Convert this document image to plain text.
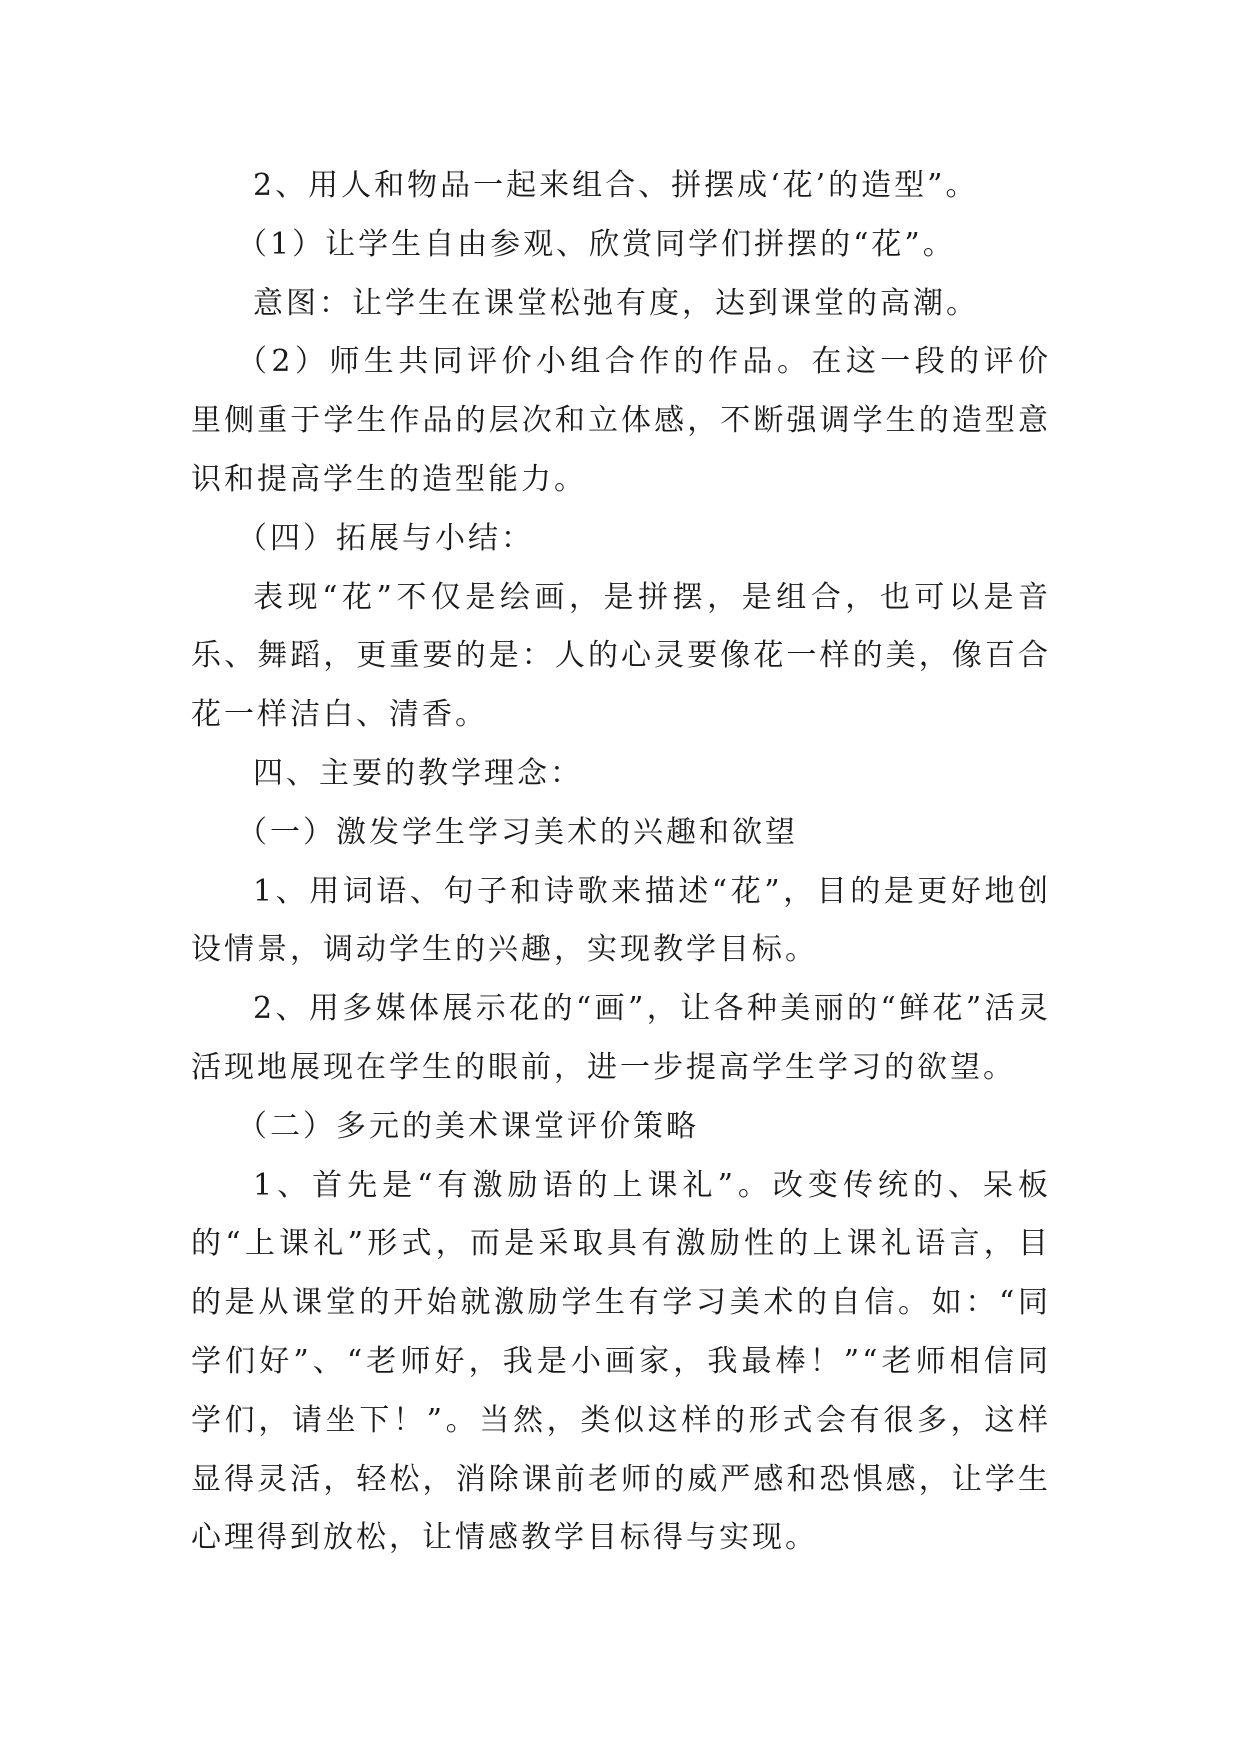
2、用人和物品一起来组合、拼摆成‘花’的造型”。

（1）让学生自由参观、欣赏同学们拼摆的“花”。

意图：让学生在课堂松弛有度，达到课堂的高潮。

（2）师生共同评价小组合作的作品。在这一段的评价里侧重于学生作品的层次和立体感，不断强调学生的造型意识和提高学生的造型能力。

（四）拓展与小结：

表现“花”不仅是绘画，是拼摆，是组合，也可以是音乐、舞蹈，更重要的是：人的心灵要像花一样的美，像百合花一样洁白、清香。

四、主要的教学理念：

（一）激发学生学习美术的兴趣和欲望

1、用词语、句子和诗歌来描述“花”，目的是更好地创设情景，调动学生的兴趣，实现教学目标。

2、用多媒体展示花的“画”，让各种美丽的“鲜花”活灵活现地展现在学生的眼前，进一步提高学生学习的欲望。

（二）多元的美术课堂评价策略

1、首先是“有激励语的上课礼”。改变传统的、呆板的“上课礼”形式，而是采取具有激励性的上课礼语言，目的是从课堂的开始就激励学生有学习美术的自信。如：“同学们好”、“老师好，我是小画家，我最棒！”“老师相信同学们，请坐下！”。当然，类似这样的形式会有很多，这样显得灵活，轻松，消除课前老师的威严感和恐惧感，让学生心理得到放松，让情感教学目标得与实现。
